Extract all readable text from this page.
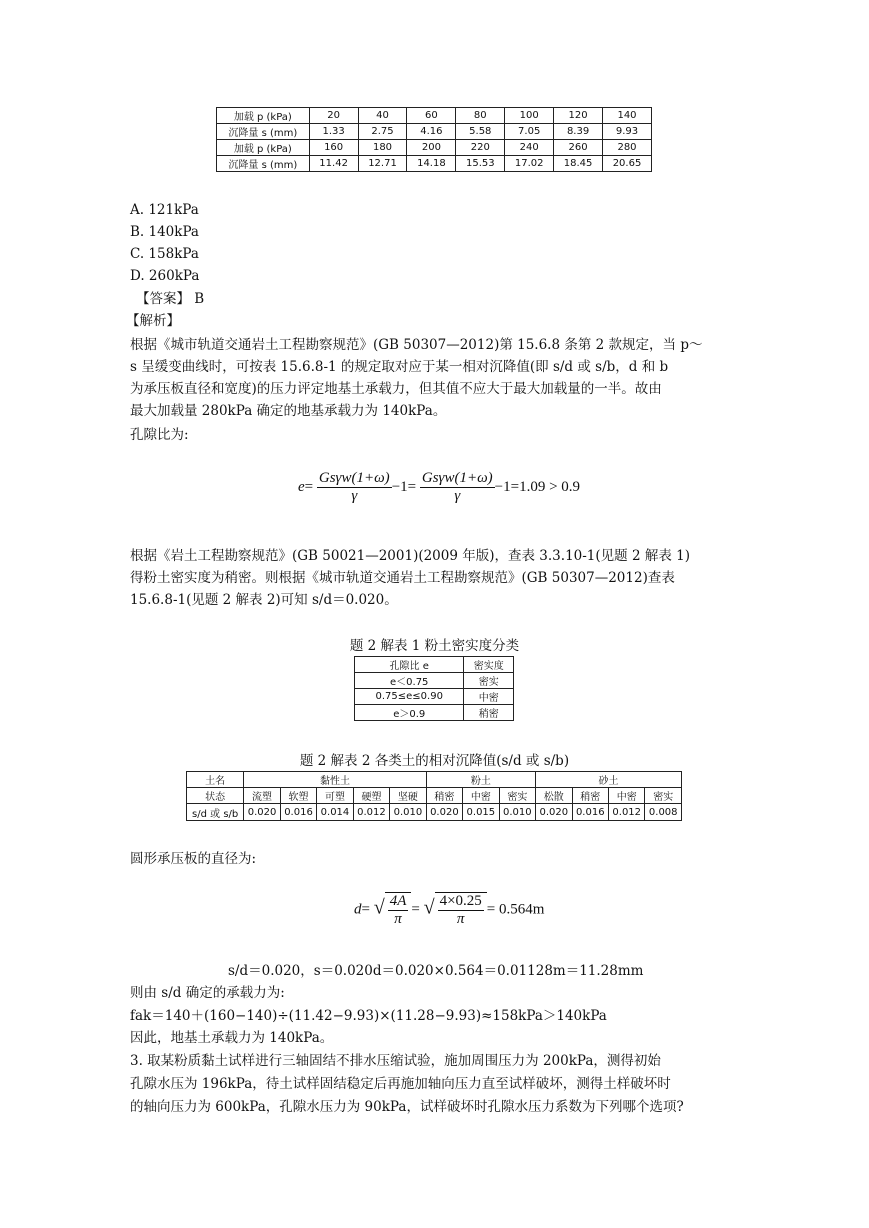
加载 p (kPa)	20	40	60	80	100	120	140
沉降量 s (mm)	1.33	2.75	4.16	5.58	7.05	8.39	9.93
加载 p (kPa)	160	180	200	220	240	260	280
沉降量 s (mm)	11.42	12.71	14.18	15.53	17.02	18.45	20.65
A. 121kPa
B. 140kPa
C. 158kPa
D. 260kPa
【答案】 B
【解析】
根据《城市轨道交通岩土工程勘察规范》(GB 50307—2012)第 15.6.8 条第 2 款规定，当 p～
s 呈缓变曲线时，可按表 15.6.8-1 的规定取对应于某一相对沉降值(即 s/d 或 s/b，d 和 b
为承压板直径和宽度)的压力评定地基土承载力，但其值不应大于最大加载量的一半。故由
最大加载量 280kPa 确定的地基承载力为 140kPa。
孔隙比为:
$e= \frac{\text{Gsγw(1+ω)}}{\gamma} -1= \frac{\text{Gsγw(1+ω)}}{\gamma} -1=1.09 > 0.9$
根据《岩土工程勘察规范》(GB 50021—2001)(2009 年版)，查表 3.3.10-1(见题 2 解表 1)
得粉土密实度为稍密。则根据《城市轨道交通岩土工程勘察规范》(GB 50307—2012)查表
15.6.8-1(见题 2 解表 2)可知 s/d＝0.020。
题 2 解表 1 粉土密实度分类
孔隙比 e	密实度
e＜0.75	密实
0.75≤e≤0.90	中密
e＞0.9	稍密
题 2 解表 2 各类土的相对沉降值(s/d 或 s/b)
土名	黏性土					粉土			砂土			
状态	流塑	软塑	可塑	硬塑	坚硬	稍密	中密	密实	松散	稍密	中密	密实
s/d 或 s/b	0.020	0.016	0.014	0.012	0.010	0.020	0.015	0.010	0.020	0.016	0.012	0.008
圆形承压板的直径为:
d= √ $\frac{4A}{\pi}$ = √ $\frac{4\times 0.25}{\pi} = 0.564m$
s/d＝0.020，s＝0.020d＝0.020×0.564＝0.01128m＝11.28mm
则由 s/d 确定的承载力为:
fak＝140＋(160−140)÷(11.42−9.93)×(11.28−9.93)≈158kPa＞140kPa
因此，地基土承载力为 140kPa。
3. 取某粉质黏土试样进行三轴固结不排水压缩试验，施加周围压力为 200kPa，测得初始
孔隙水压为 196kPa，待土试样固结稳定后再施加轴向压力直至试样破坏，测得土样破坏时
的轴向压力为 600kPa，孔隙水压力为 90kPa，试样破坏时孔隙水压力系数为下列哪个选项?
